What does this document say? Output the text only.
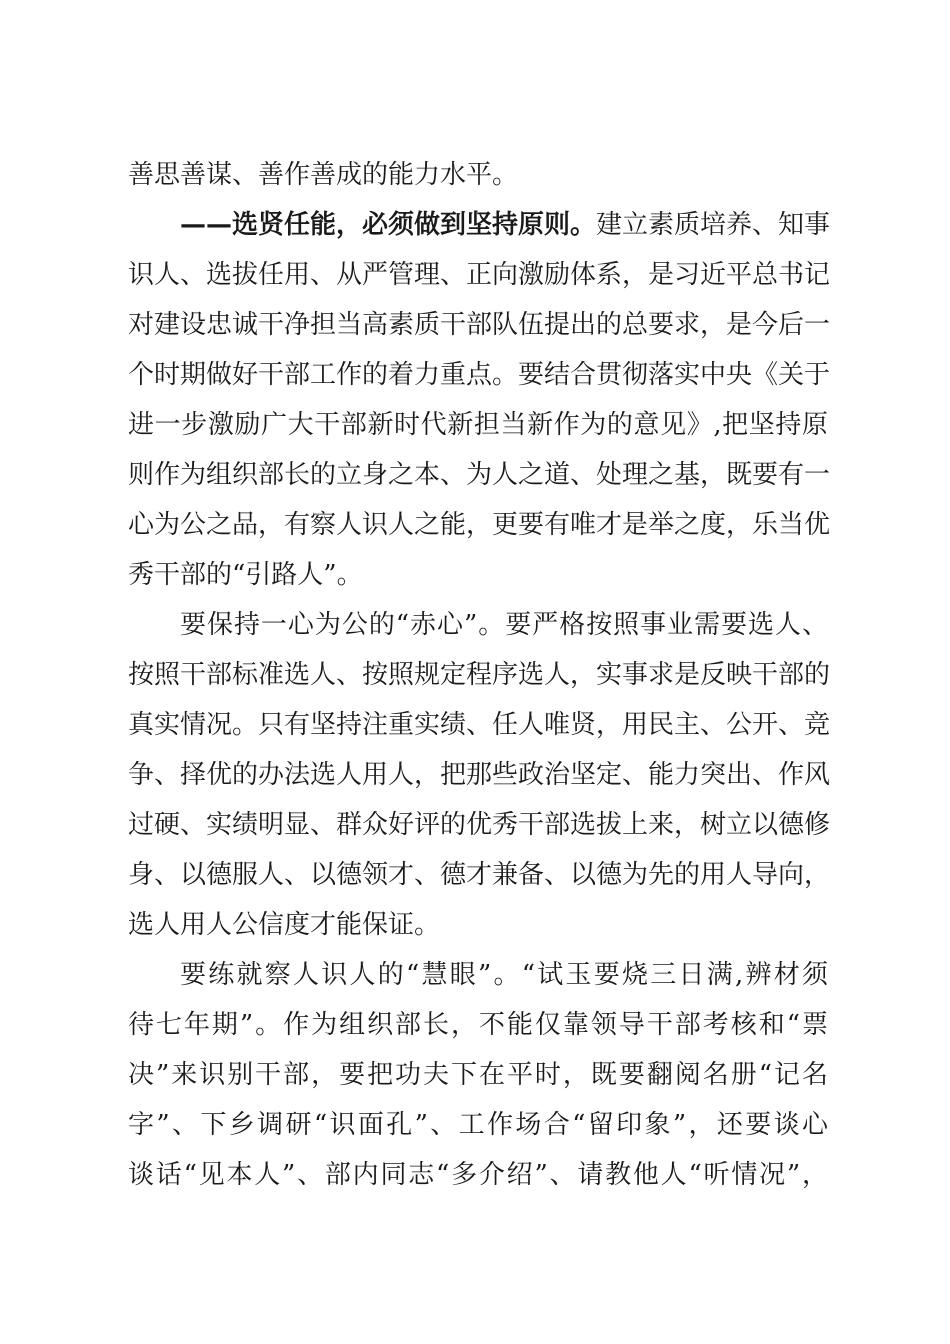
善思善谋、善作善成的能力水平。
——选贤任能，必须做到坚持原则。建立素质培养、知事
识人、选拔任用、从严管理、正向激励体系，是习近平总书记
对建设忠诚干净担当高素质干部队伍提出的总要求，是今后一
个时期做好干部工作的着力重点。要结合贯彻落实中央《关于
进一步激励广大干部新时代新担当新作为的意见》,把坚持原
则作为组织部长的立身之本、为人之道、处理之基，既要有一
心为公之品，有察人识人之能，更要有唯才是举之度，乐当优
秀干部的“引路人”。
要保持一心为公的“赤心”。要严格按照事业需要选人、
按照干部标准选人、按照规定程序选人，实事求是反映干部的
真实情况。只有坚持注重实绩、任人唯贤，用民主、公开、竞
争、择优的办法选人用人，把那些政治坚定、能力突出、作风
过硬、实绩明显、群众好评的优秀干部选拔上来，树立以德修
身、以德服人、以德领才、德才兼备、以德为先的用人导向，
选人用人公信度才能保证。
要练就察人识人的“慧眼”。“试玉要烧三日满,辨材须
待七年期”。作为组织部长，不能仅靠领导干部考核和“票
决”来识别干部，要把功夫下在平时，既要翻阅名册“记名
字”、下乡调研“识面孔”、工作场合“留印象”，还要谈心
谈话“见本人”、部内同志“多介绍”、请教他人“听情况”，
